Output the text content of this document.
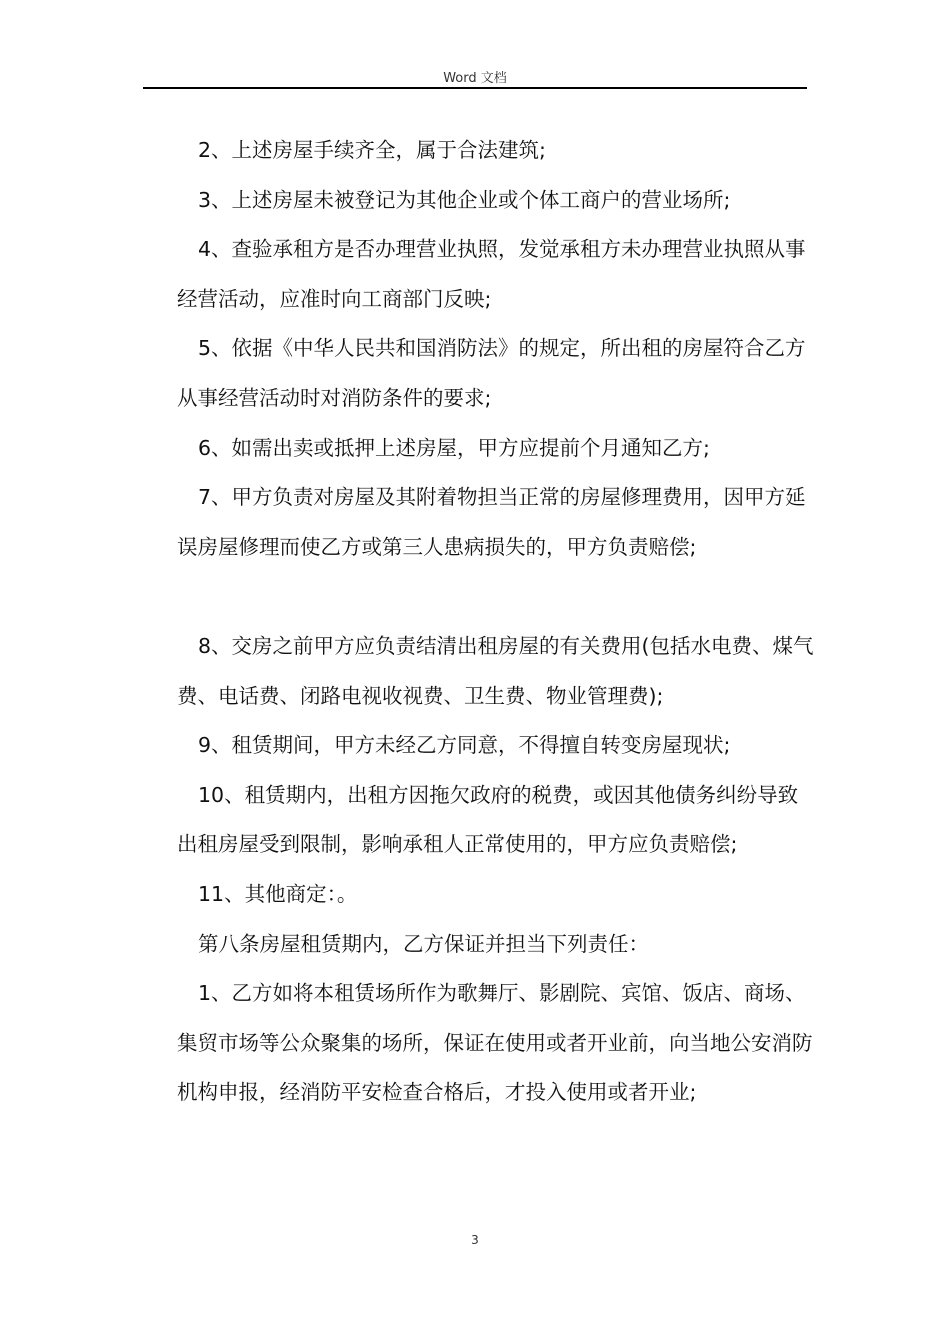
Word 文档

2、上述房屋手续齐全，属于合法建筑;

3、上述房屋未被登记为其他企业或个体工商户的营业场所;

4、查验承租方是否办理营业执照，发觉承租方未办理营业执照从事经营活动，应准时向工商部门反映;

5、依据《中华人民共和国消防法》的规定，所出租的房屋符合乙方从事经营活动时对消防条件的要求;

6、如需出卖或抵押上述房屋，甲方应提前个月通知乙方;

7、甲方负责对房屋及其附着物担当正常的房屋修理费用，因甲方延误房屋修理而使乙方或第三人患病损失的，甲方负责赔偿;

8、交房之前甲方应负责结清出租房屋的有关费用(包括水电费、煤气费、电话费、闭路电视收视费、卫生费、物业管理费);

9、租赁期间，甲方未经乙方同意，不得擅自转变房屋现状;

10、租赁期内，出租方因拖欠政府的税费，或因其他债务纠纷导致出租房屋受到限制，影响承租人正常使用的，甲方应负责赔偿;

11、其他商定：。

第八条房屋租赁期内，乙方保证并担当下列责任：

1、乙方如将本租赁场所作为歌舞厅、影剧院、宾馆、饭店、商场、集贸市场等公众聚集的场所，保证在使用或者开业前，向当地公安消防机构申报，经消防平安检查合格后，才投入使用或者开业;

3
